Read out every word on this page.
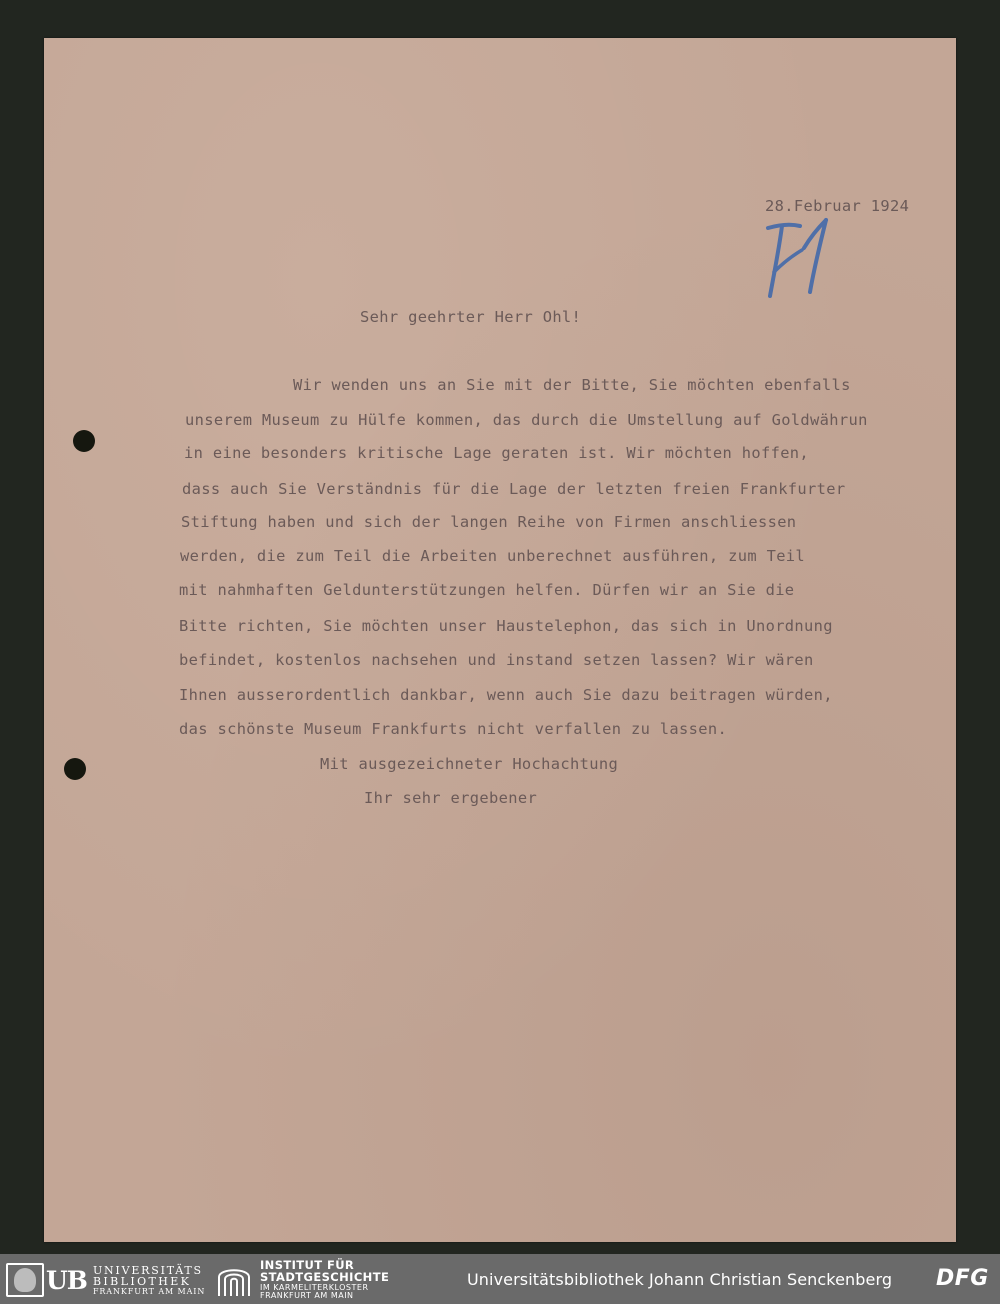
28.Februar 1924
Sehr geehrter Herr Ohl!
Wir wenden uns an Sie mit der Bitte, Sie möchten ebenfalls
unserem Museum zu Hülfe kommen, das durch die Umstellung auf Goldwährun
in eine besonders kritische Lage geraten ist. Wir möchten hoffen,
dass auch Sie Verständnis für die Lage der letzten freien Frankfurter
Stiftung haben und sich der langen Reihe von Firmen anschliessen
werden, die zum Teil die Arbeiten unberechnet ausführen, zum Teil
mit nahmhaften Geldunterstützungen helfen. Dürfen wir an Sie die
Bitte richten, Sie möchten unser Haustelephon, das sich in Unordnung
befindet, kostenlos nachsehen und instand setzen lassen? Wir wären
Ihnen ausserordentlich dankbar, wenn auch Sie dazu beitragen würden,
das schönste Museum Frankfurts nicht verfallen zu lassen.
Mit ausgezeichneter Hochachtung
Ihr sehr ergebener
UB UNIVERSITÄTS
BIBLIOTHEK
FRANKFURT AM MAIN
INSTITUT FÜR
STADTGESCHICHTE
IM KARMELITERKLOSTER
FRANKFURT AM MAIN
Universitätsbibliothek Johann Christian Senckenberg DFG
